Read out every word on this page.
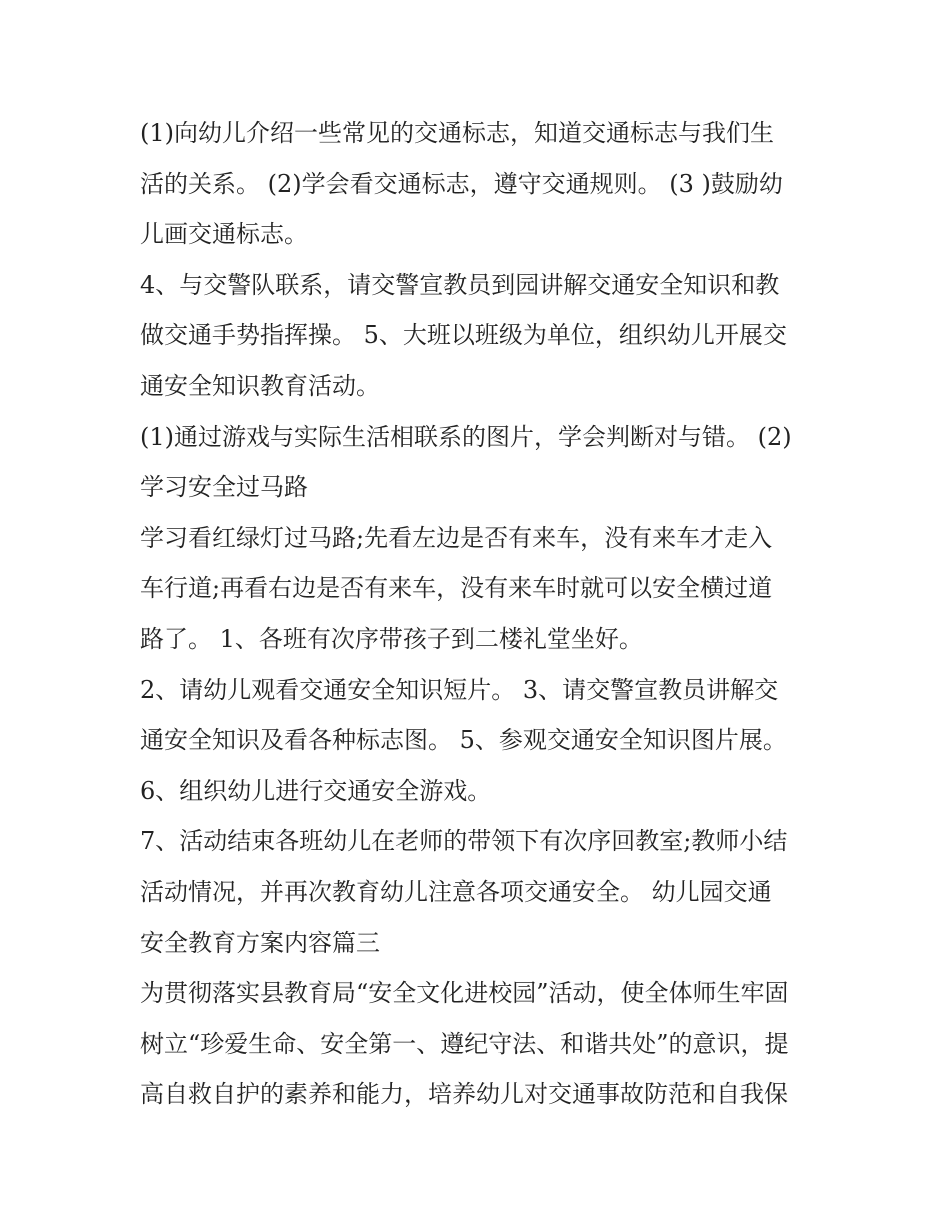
(1)向幼儿介绍一些常见的交通标志，知道交通标志与我们生
活的关系。 (2)学会看交通标志，遵守交通规则。 (3 )鼓励幼
儿画交通标志。
4、与交警队联系，请交警宣教员到园讲解交通安全知识和教
做交通手势指挥操。 5、大班以班级为单位，组织幼儿开展交
通安全知识教育活动。
(1)通过游戏与实际生活相联系的图片，学会判断对与错。 (2)
学习安全过马路
学习看红绿灯过马路;先看左边是否有来车，没有来车才走入
车行道;再看右边是否有来车，没有来车时就可以安全横过道
路了。 1、各班有次序带孩子到二楼礼堂坐好。
2、请幼儿观看交通安全知识短片。 3、请交警宣教员讲解交
通安全知识及看各种标志图。 5、参观交通安全知识图片展。
6、组织幼儿进行交通安全游戏。
7、活动结束各班幼儿在老师的带领下有次序回教室;教师小结
活动情况，并再次教育幼儿注意各项交通安全。 幼儿园交通
安全教育方案内容篇三
为贯彻落实县教育局“安全文化进校园”活动，使全体师生牢固
树立“珍爱生命、安全第一、遵纪守法、和谐共处”的意识，提
高自救自护的素养和能力，培养幼儿对交通事故防范和自我保
